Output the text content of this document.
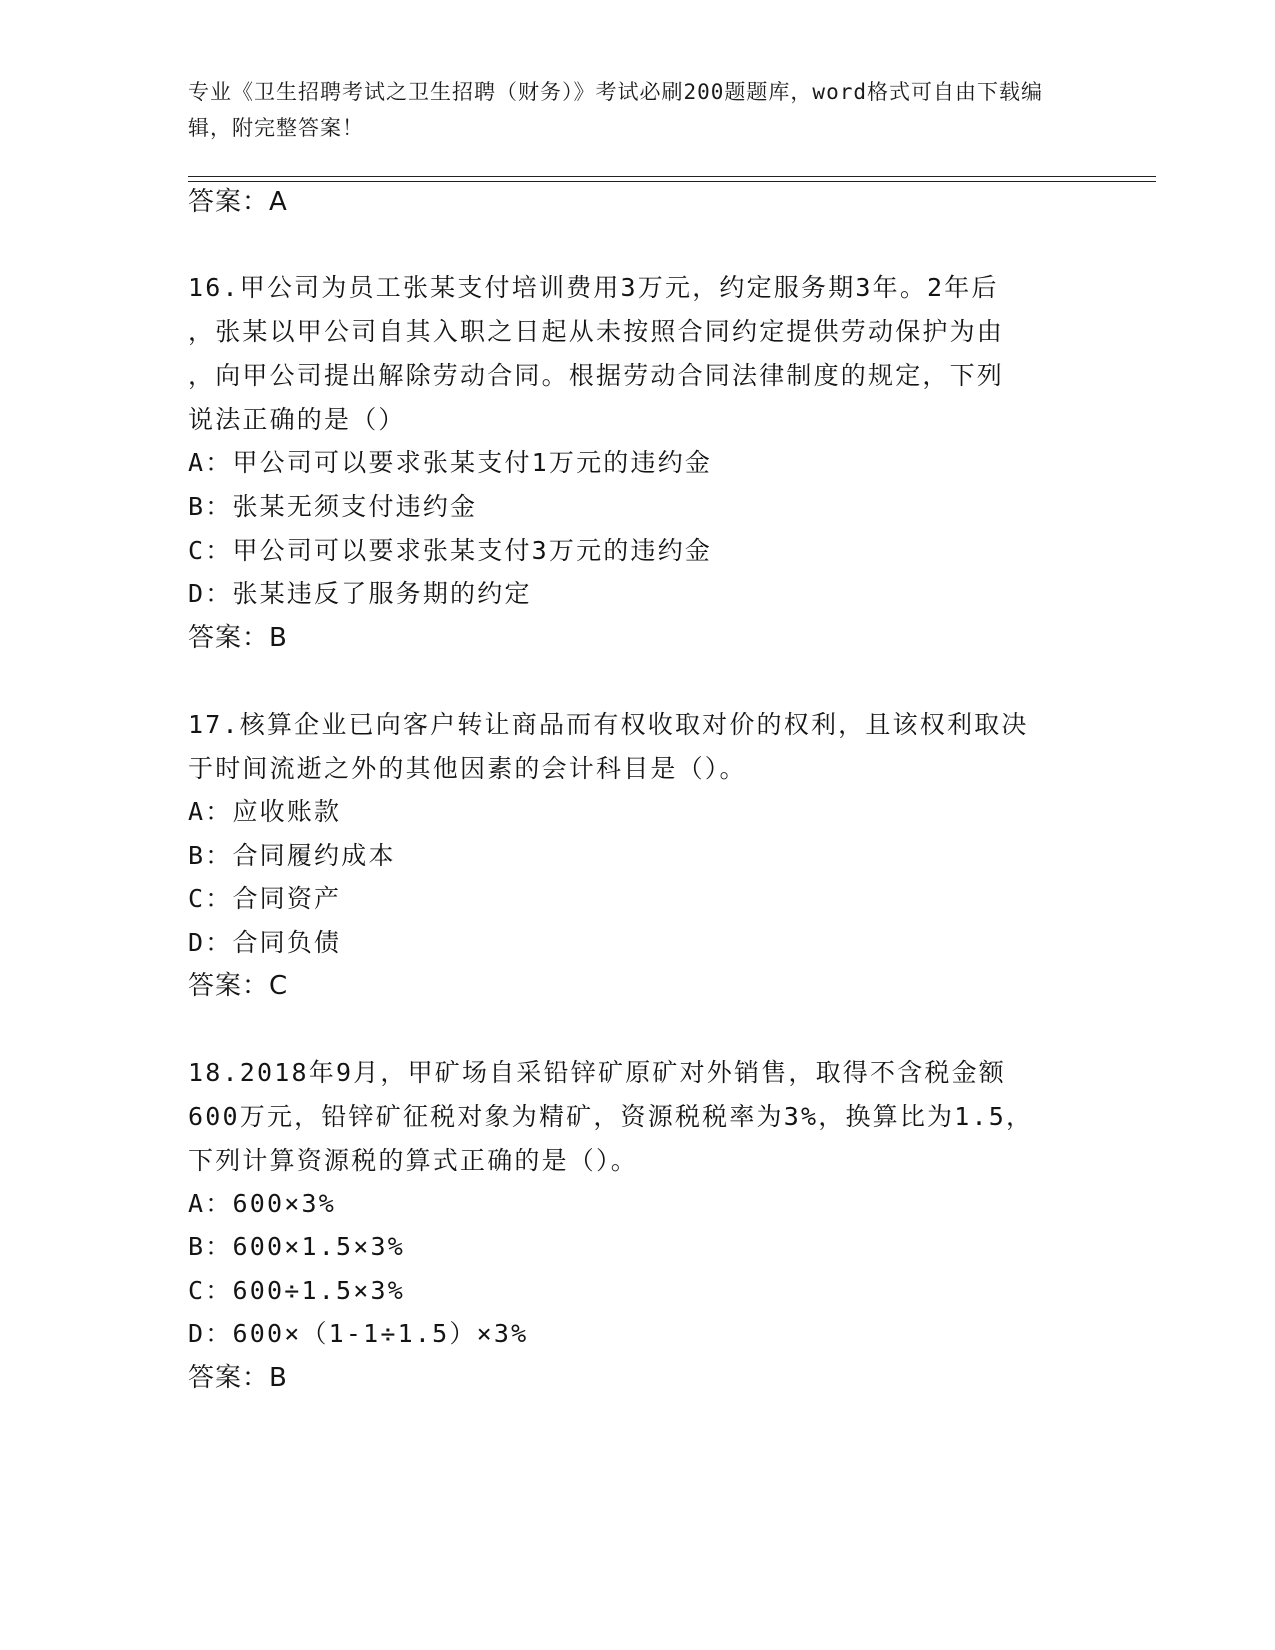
专业《卫生招聘考试之卫生招聘（财务）》考试必刷200题题库，word格式可自由下载编辑，附完整答案！
答案：A
16.甲公司为员工张某支付培训费用3万元，约定服务期3年。2年后
，张某以甲公司自其入职之日起从未按照合同约定提供劳动保护为由
，向甲公司提出解除劳动合同。根据劳动合同法律制度的规定，下列
说法正确的是（）
A：甲公司可以要求张某支付1万元的违约金
B：张某无须支付违约金
C：甲公司可以要求张某支付3万元的违约金
D：张某违反了服务期的约定
答案：B
17.核算企业已向客户转让商品而有权收取对价的权利，且该权利取决
于时间流逝之外的其他因素的会计科目是（）。
A：应收账款
B：合同履约成本
C：合同资产
D：合同负债
答案：C
18.2018年9月，甲矿场自采铅锌矿原矿对外销售，取得不含税金额
600万元，铅锌矿征税对象为精矿，资源税税率为3%，换算比为1.5，
下列计算资源税的算式正确的是（）。
A：600×3%
B：600×1.5×3%
C：600÷1.5×3%
D：600×（1-1÷1.5）×3%
答案：B
